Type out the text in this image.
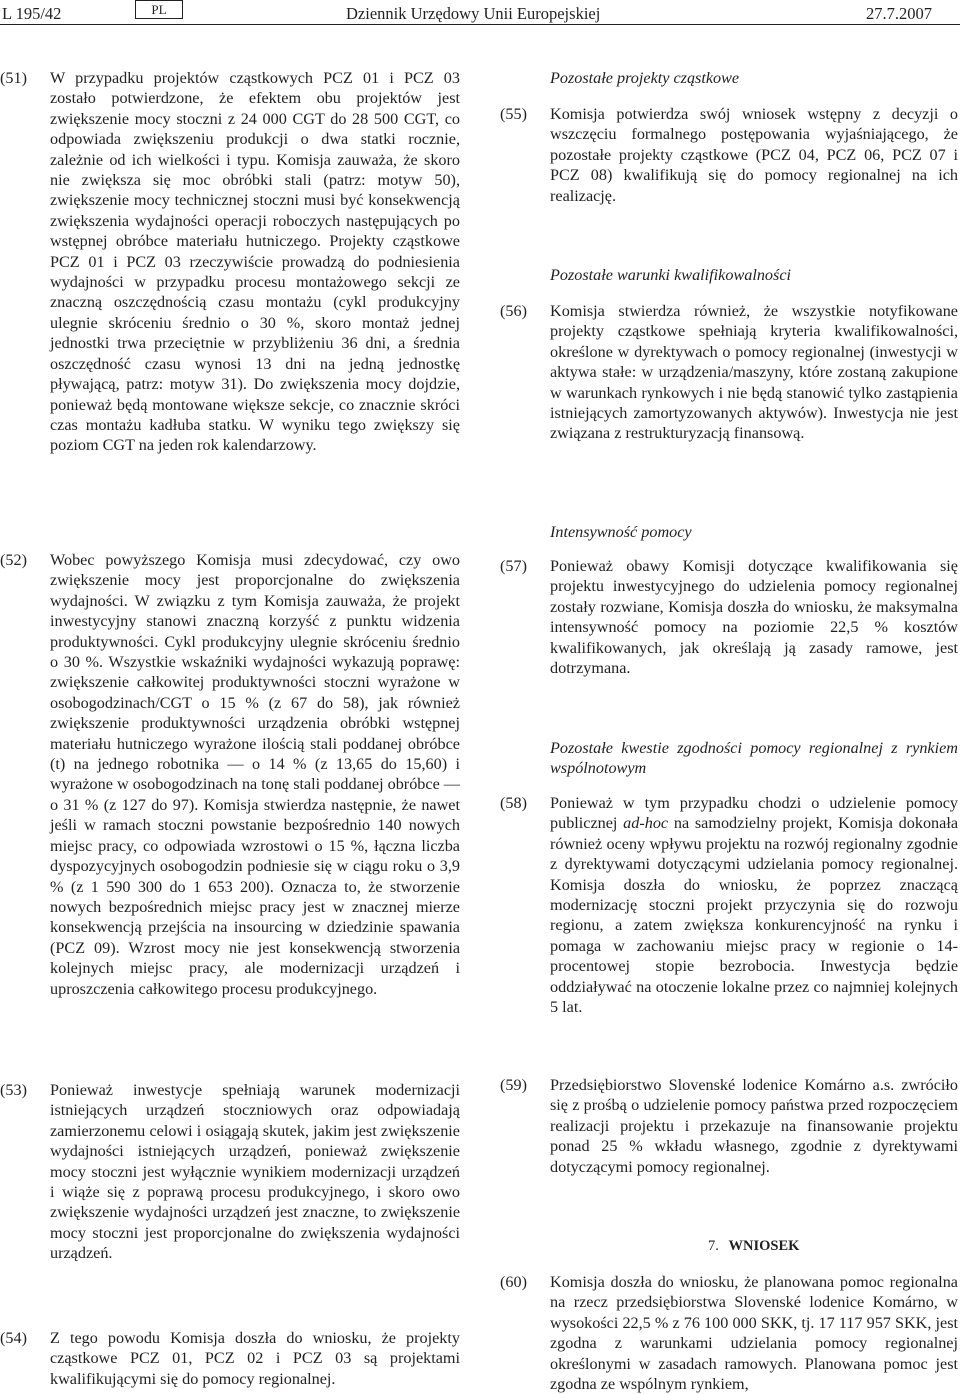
L 195/42	PL	Dziennik Urzędowy Unii Europejskiej	27.7.2007
(51) W przypadku projektów cząstkowych PCZ 01 i PCZ 03 zostało potwierdzone, że efektem obu projektów jest zwiększenie mocy stoczni z 24 000 CGT do 28 500 CGT, co odpowiada zwiększeniu produkcji o dwa statki rocznie, zależnie od ich wielkości i typu. Komisja zauważa, że skoro nie zwiększa się moc obróbki stali (patrz: motyw 50), zwiększenie mocy technicznej stoczni musi być konsekwencją zwiększenia wydajności operacji roboczych następujących po wstępnej obróbce materiału hutniczego. Projekty cząstkowe PCZ 01 i PCZ 03 rzeczywiście prowadzą do podniesienia wydajności w przypadku procesu montażowego sekcji ze znaczną oszczędnością czasu montażu (cykl produkcyjny ulegnie skróceniu średnio o 30 %, skoro montaż jednej jednostki trwa przeciętnie w przybliżeniu 36 dni, a średnia oszczędność czasu wynosi 13 dni na jedną jednostkę pływającą, patrz: motyw 31). Do zwiększenia mocy dojdzie, ponieważ będą montowane większe sekcje, co znacznie skróci czas montażu kadłuba statku. W wyniku tego zwiększy się poziom CGT na jeden rok kalendarzowy.
(52) Wobec powyższego Komisja musi zdecydować, czy owo zwiększenie mocy jest proporcjonalne do zwiększenia wydajności. W związku z tym Komisja zauważa, że projekt inwestycyjny stanowi znaczną korzyść z punktu widzenia produktywności. Cykl produkcyjny ulegnie skróceniu średnio o 30 %. Wszystkie wskaźniki wydajności wykazują poprawę: zwiększenie całkowitej produktywności stoczni wyrażone w osobogodzinach/CGT o 15 % (z 67 do 58), jak również zwiększenie produktywności urządzenia obróbki wstępnej materiału hutniczego wyrażone ilością stali poddanej obróbce (t) na jednego robotnika — o 14 % (z 13,65 do 15,60) i wyrażone w osobogodzinach na tonę stali poddanej obróbce — o 31 % (z 127 do 97). Komisja stwierdza następnie, że nawet jeśli w ramach stoczni powstanie bezpośrednio 140 nowych miejsc pracy, co odpowiada wzrostowi o 15 %, łączna liczba dyspozycyjnych osobogodzin podniesie się w ciągu roku o 3,9 % (z 1 590 300 do 1 653 200). Oznacza to, że stworzenie nowych bezpośrednich miejsc pracy jest w znacznej mierze konsekwencją przejścia na insourcing w dziedzinie spawania (PCZ 09). Wzrost mocy nie jest konsekwencją stworzenia kolejnych miejsc pracy, ale modernizacji urządzeń i uproszczenia całkowitego procesu produkcyjnego.
(53) Ponieważ inwestycje spełniają warunek modernizacji istniejących urządzeń stoczniowych oraz odpowiadają zamierzonemu celowi i osiągają skutek, jakim jest zwiększenie wydajności istniejących urządzeń, ponieważ zwiększenie mocy stoczni jest wyłącznie wynikiem modernizacji urządzeń i wiąże się z poprawą procesu produkcyjnego, i skoro owo zwiększenie wydajności urządzeń jest znaczne, to zwiększenie mocy stoczni jest proporcjonalne do zwiększenia wydajności urządzeń.
(54) Z tego powodu Komisja doszła do wniosku, że projekty cząstkowe PCZ 01, PCZ 02 i PCZ 03 są projektami kwalifikującymi się do pomocy regionalnej.
Pozostałe projekty cząstkowe
(55) Komisja potwierdza swój wniosek wstępny z decyzji o wszczęciu formalnego postępowania wyjaśniającego, że pozostałe projekty cząstkowe (PCZ 04, PCZ 06, PCZ 07 i PCZ 08) kwalifikują się do pomocy regionalnej na ich realizację.
Pozostałe warunki kwalifikowalności
(56) Komisja stwierdza również, że wszystkie notyfikowane projekty cząstkowe spełniają kryteria kwalifikowalności, określone w dyrektywach o pomocy regionalnej (inwestycji w aktywa stałe: w urządzenia/maszyny, które zostaną zakupione w warunkach rynkowych i nie będą stanowić tylko zastąpienia istniejących zamortyzowanych aktywów). Inwestycja nie jest związana z restrukturyzacją finansową.
Intensywność pomocy
(57) Ponieważ obawy Komisji dotyczące kwalifikowania się projektu inwestycyjnego do udzielenia pomocy regionalnej zostały rozwiane, Komisja doszła do wniosku, że maksymalna intensywność pomocy na poziomie 22,5 % kosztów kwalifikowanych, jak określają ją zasady ramowe, jest dotrzymana.
Pozostałe kwestie zgodności pomocy regionalnej z rynkiem wspólnotowym
(58) Ponieważ w tym przypadku chodzi o udzielenie pomocy publicznej ad-hoc na samodzielny projekt, Komisja dokonała również oceny wpływu projektu na rozwój regionalny zgodnie z dyrektywami dotyczącymi udzielania pomocy regionalnej. Komisja doszła do wniosku, że poprzez znaczącą modernizację stoczni projekt przyczynia się do rozwoju regionu, a zatem zwiększa konkurencyjność na rynku i pomaga w zachowaniu miejsc pracy w regionie o 14-procentowej stopie bezrobocia. Inwestycja będzie oddziaływać na otoczenie lokalne przez co najmniej kolejnych 5 lat.
(59) Przedsiębiorstwo Slovenské lodenice Komárno a.s. zwróciło się z prośbą o udzielenie pomocy państwa przed rozpoczęciem realizacji projektu i przekazuje na finansowanie projektu ponad 25 % wkładu własnego, zgodnie z dyrektywami dotyczącymi pomocy regionalnej.
7. WNIOSEK
(60) Komisja doszła do wniosku, że planowana pomoc regionalna na rzecz przedsiębiorstwa Slovenské lodenice Komárno, w wysokości 22,5 % z 76 100 000 SKK, tj. 17 117 957 SKK, jest zgodna z warunkami udzielania pomocy regionalnej określonymi w zasadach ramowych. Planowana pomoc jest zgodna ze wspólnym rynkiem,
